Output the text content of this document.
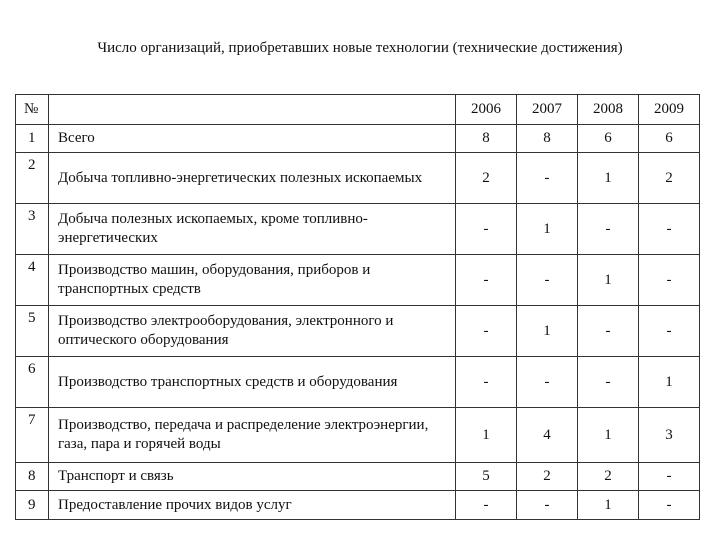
Число организаций, приобретавших новые технологии (технические достижения)
№		2006	2007	2008	2009
1	Всего	8	8	6	6
2	Добыча топливно-энергетических полезных ископаемых	2	-	1	2
3	Добыча полезных ископаемых, кроме топливно-энергетических	-	1	-	-
4	Производство машин, оборудования, приборов и транспортных средств	-	-	1	-
5	Производство электрооборудования, электронного и оптического оборудования	-	1	-	-
6	Производство транспортных средств и оборудования	-	-	-	1
7	Производство, передача и распределение электроэнергии, газа, пара и горячей воды	1	4	1	3
8	Транспорт и связь	5	2	2	-
9	Предоставление прочих видов услуг	-	-	1	-
